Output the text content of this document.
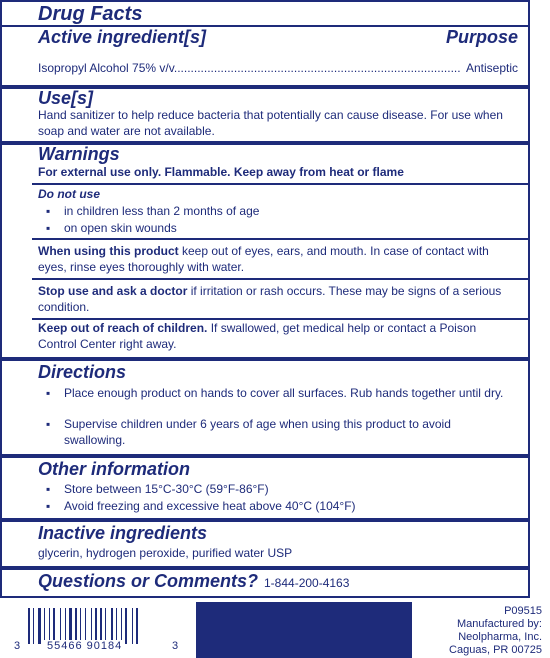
Drug Facts
Active ingredient[s]	Purpose
Isopropyl Alcohol 75% v/v...................................................................................... Antiseptic
Use[s]
Hand sanitizer to help reduce bacteria that potentially can cause disease. For use when soap and water are not available.
Warnings
For external use only. Flammable. Keep away from heat or flame
Do not use
▪ in children less than 2 months of age
▪ on open skin wounds
When using this product keep out of eyes, ears, and mouth. In case of contact with eyes, rinse eyes thoroughly with water.
Stop use and ask a doctor if irritation or rash occurs. These may be signs of a serious condition.
Keep out of reach of children. If swallowed, get medical help or contact a Poison Control Center right away.
Directions
▪ Place enough product on hands to cover all surfaces. Rub hands together until dry.
▪ Supervise children under 6 years of age when using this product to avoid swallowing.
Other information
▪ Store between 15°C-30°C (59°F-86°F)
▪ Avoid freezing and excessive heat above 40°C (104°F)
Inactive ingredients
glycerin, hydrogen peroxide, purified water USP
Questions or Comments? 1-844-200-4163
3 55466 90184	3
P09515
Manufactured by:
Neolpharma, Inc.
Caguas, PR 00725
